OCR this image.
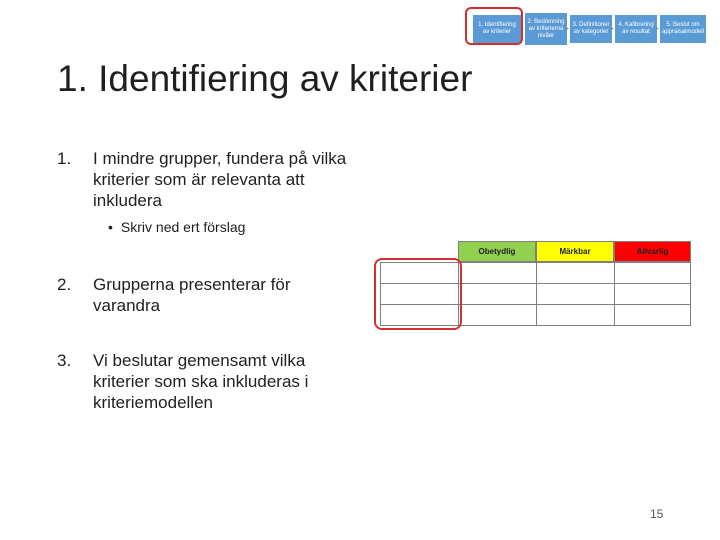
1. Identifiering av kriterier	▸
2. Bedömning av kriterierna nivåer
▸
3. Definitioner av kategorier ▸
4. Kalibrering av resultat	▸
5. Beslut om appraisalmodell
1. Identifiering av kriterier
1. I mindre grupper, fundera på vilka kriterier som är relevanta att inkludera
• Skriv ned ert förslag
2. Grupperna presenterar för varandra
3. Vi beslutar gemensamt vilka kriterier som ska inkluderas i kriteriemodellen
Obetydlig	Märkbar	Allvarlig
15
